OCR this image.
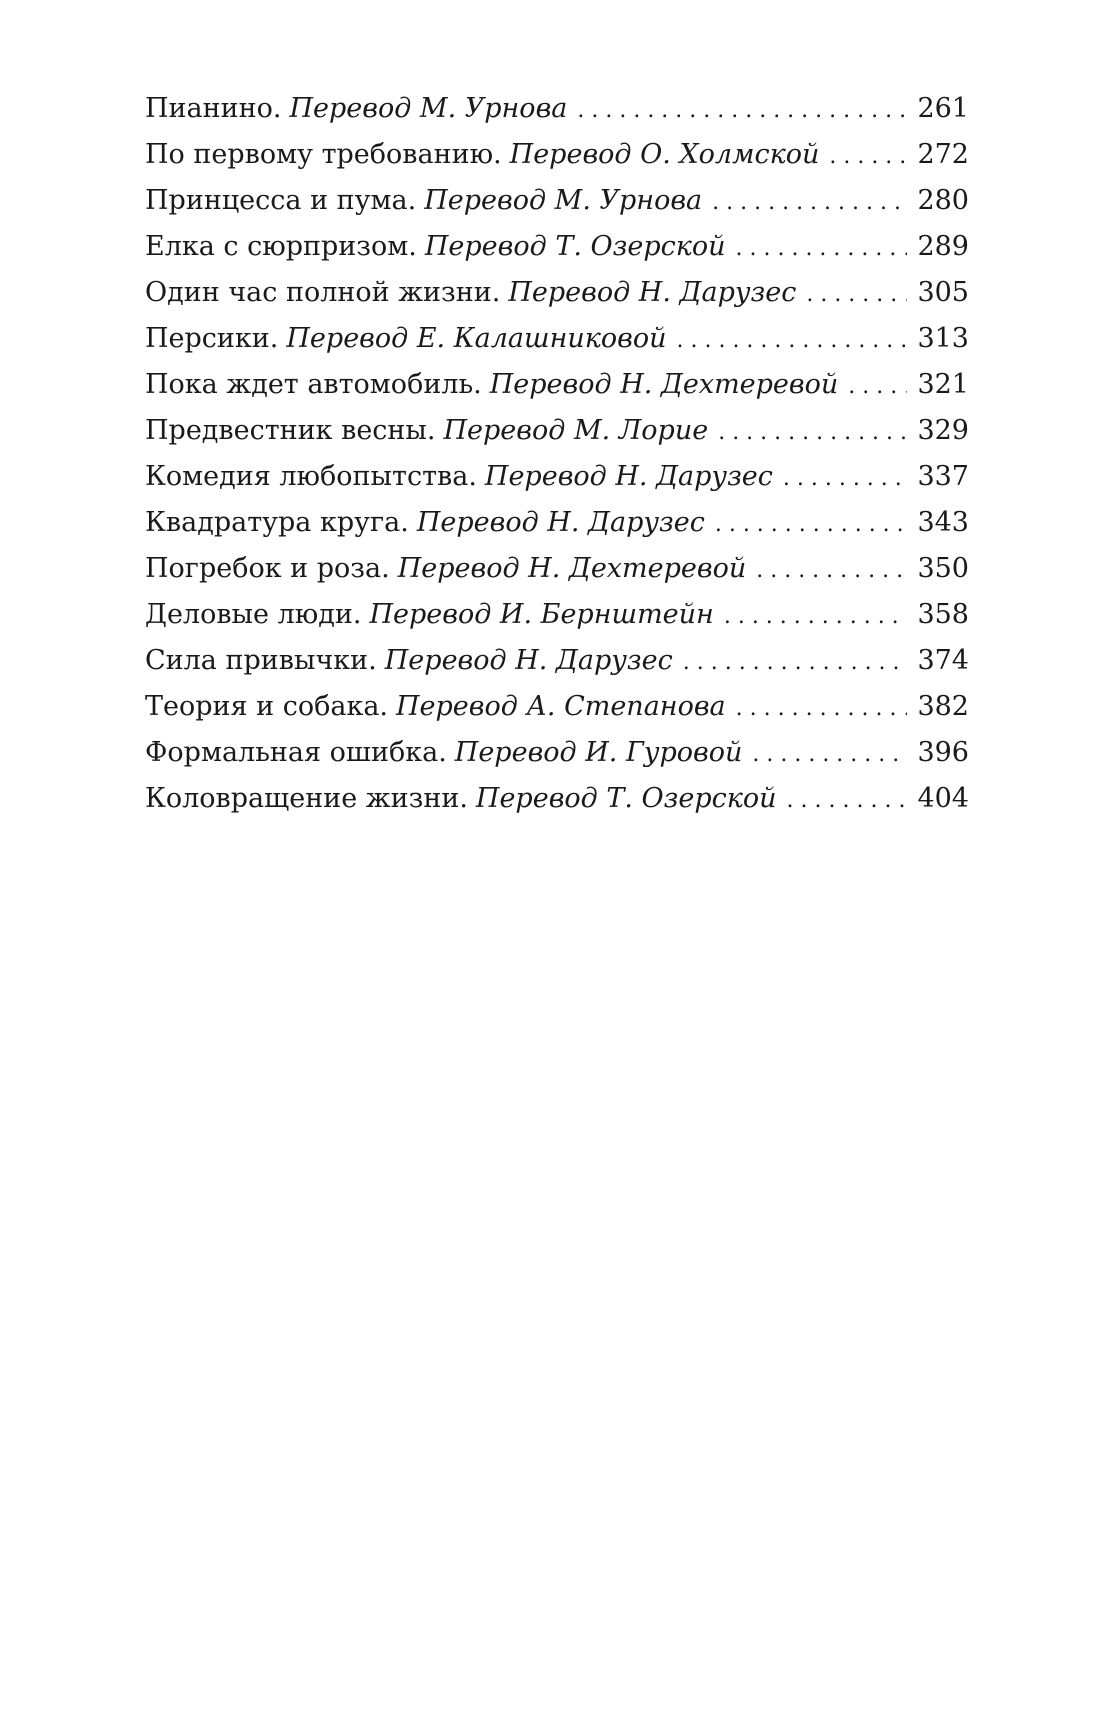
Пианино. Перевод М. Урнова . . .	261
По первому требованию. Перевод О. Холмской . . .	272
Принцесса и пума. Перевод М. Урнова . . .	280
Елка с сюрпризом. Перевод Т. Озерской . . .	289
Один час полной жизни. Перевод Н. Дарузес . . .	305
Персики. Перевод Е. Калашниковой . . .	313
Пока ждет автомобиль. Перевод Н. Дехтеревой . . .	321
Предвестник весны. Перевод М. Лорие . . .	329
Комедия любопытства. Перевод Н. Дарузес . . .	337
Квадратура круга. Перевод Н. Дарузес . . .	343
Погребок и роза. Перевод Н. Дехтеревой . . .	350
Деловые люди. Перевод И. Бернштейн . . .	358
Сила привычки. Перевод Н. Дарузес . . .	374
Теория и собака. Перевод А. Степанова . . .	382
Формальная ошибка. Перевод И. Гуровой . . .	396
Коловращение жизни. Перевод Т. Озерской . . .	404
